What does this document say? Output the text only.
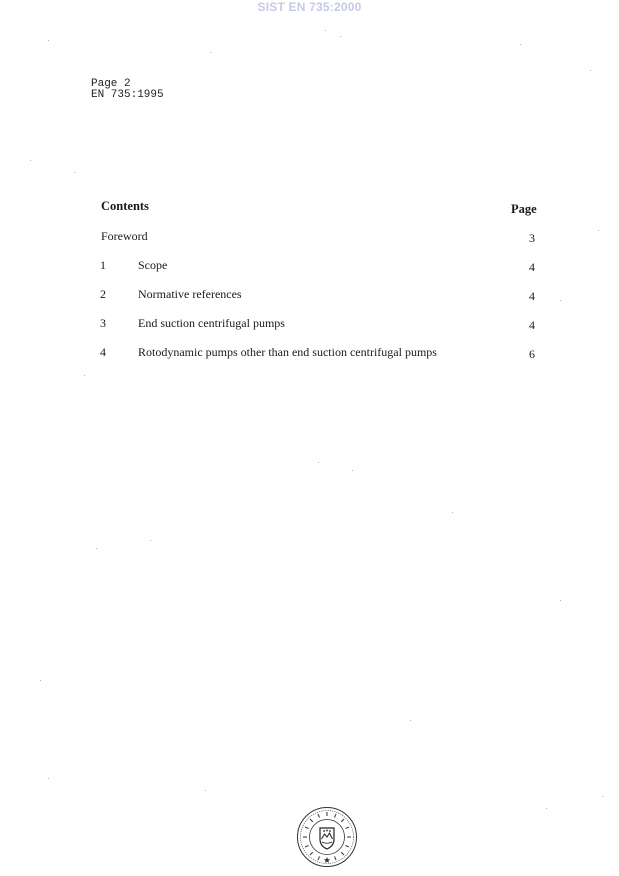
SIST EN 735:2000
Page 2
EN 735:1995
Contents	Page
Foreword	3
1	Scope	4
2	Normative references	4
3	End suction centrifugal pumps	4
4	Rotodynamic pumps other than end suction centrifugal pumps	6
